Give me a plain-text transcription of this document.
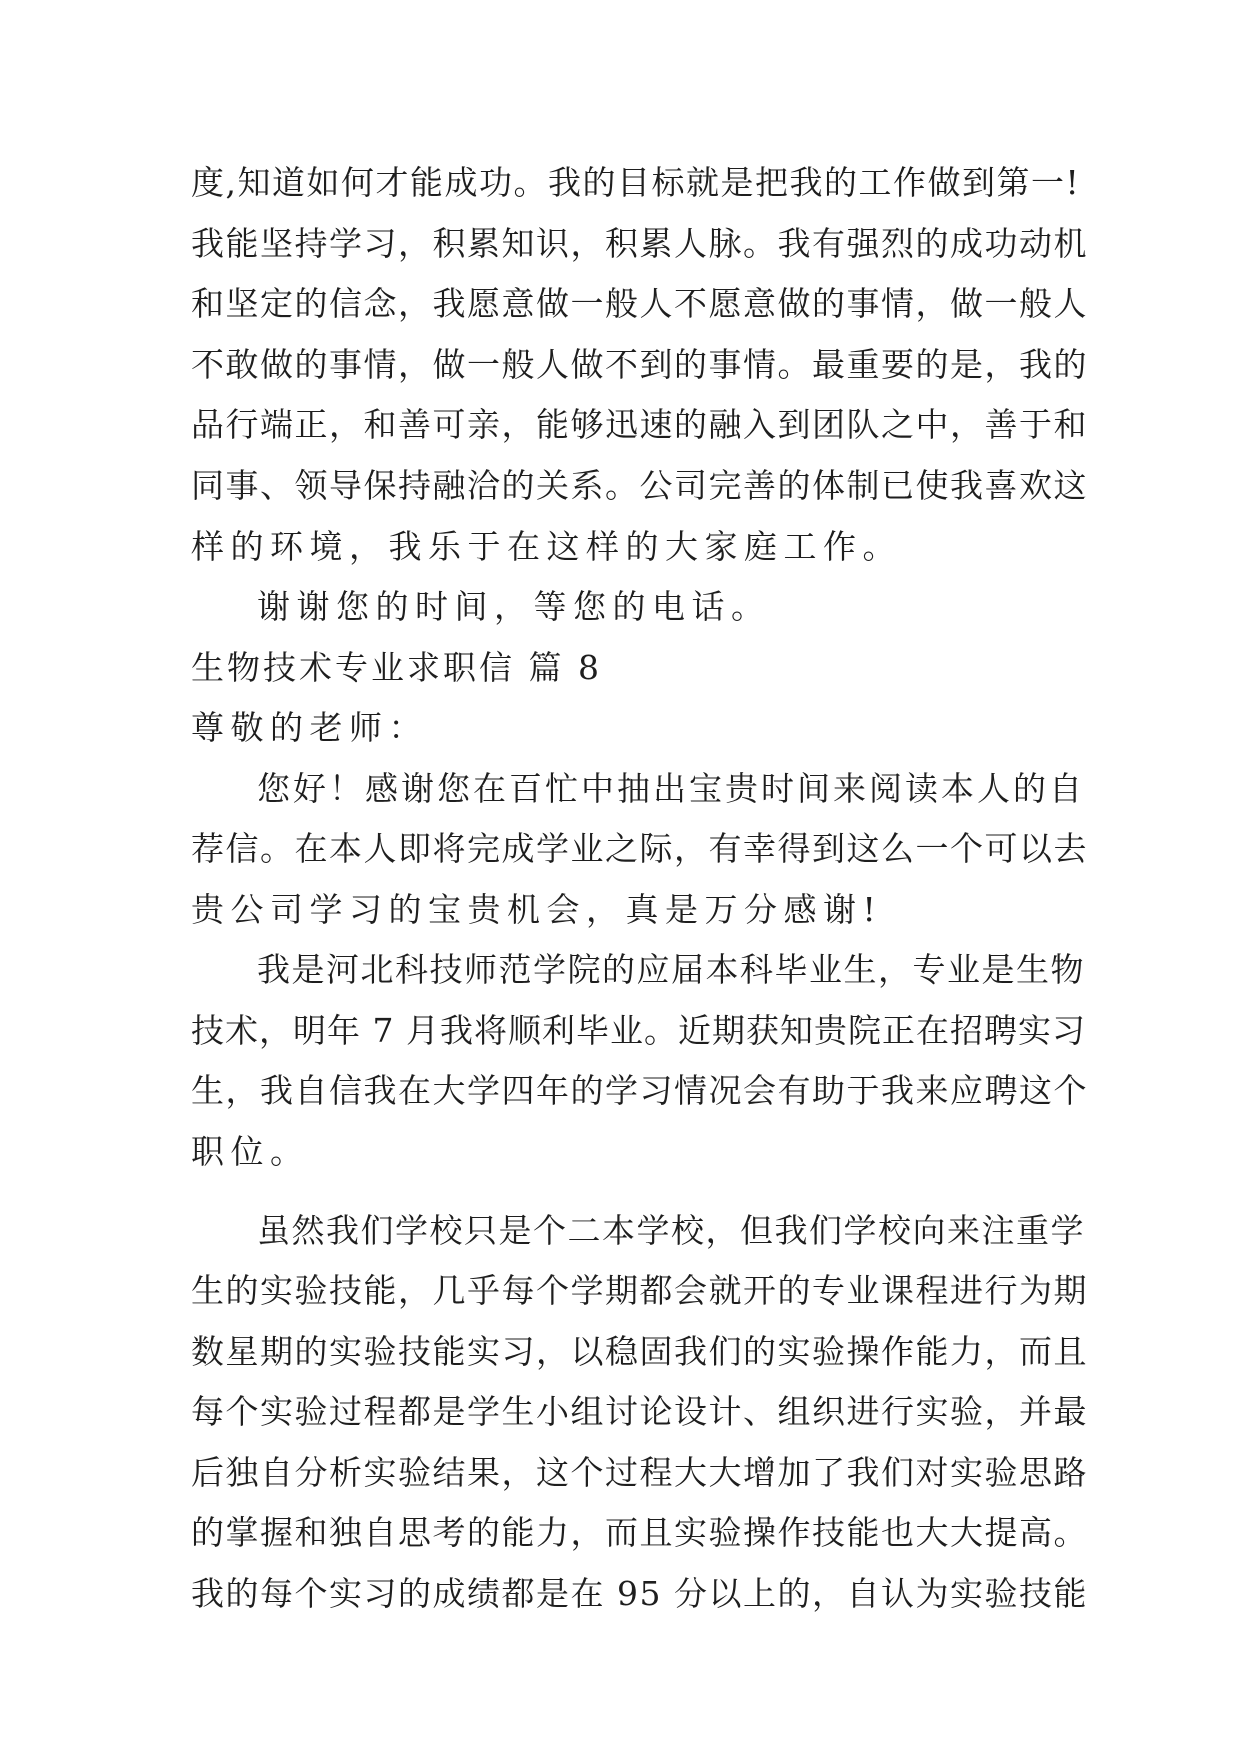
度,知道如何才能成功。我的目标就是把我的工作做到第一!
我能坚持学习，积累知识，积累人脉。我有强烈的成功动机
和坚定的信念，我愿意做一般人不愿意做的事情，做一般人
不敢做的事情，做一般人做不到的事情。最重要的是，我的
品行端正，和善可亲，能够迅速的融入到团队之中，善于和
同事、领导保持融洽的关系。公司完善的体制已使我喜欢这
样的环境，我乐于在这样的大家庭工作。
谢谢您的时间，等您的电话。
生物技术专业求职信 篇 8
尊敬的老师：
您好！感谢您在百忙中抽出宝贵时间来阅读本人的自
荐信。在本人即将完成学业之际，有幸得到这么一个可以去
贵公司学习的宝贵机会，真是万分感谢!
我是河北科技师范学院的应届本科毕业生，专业是生物
技术，明年 7 月我将顺利毕业。近期获知贵院正在招聘实习
生，我自信我在大学四年的学习情况会有助于我来应聘这个
职位。
虽然我们学校只是个二本学校，但我们学校向来注重学
生的实验技能，几乎每个学期都会就开的专业课程进行为期
数星期的实验技能实习，以稳固我们的实验操作能力，而且
每个实验过程都是学生小组讨论设计、组织进行实验，并最
后独自分析实验结果，这个过程大大增加了我们对实验思路
的掌握和独自思考的能力，而且实验操作技能也大大提高。
我的每个实习的成绩都是在 95 分以上的，自认为实验技能
